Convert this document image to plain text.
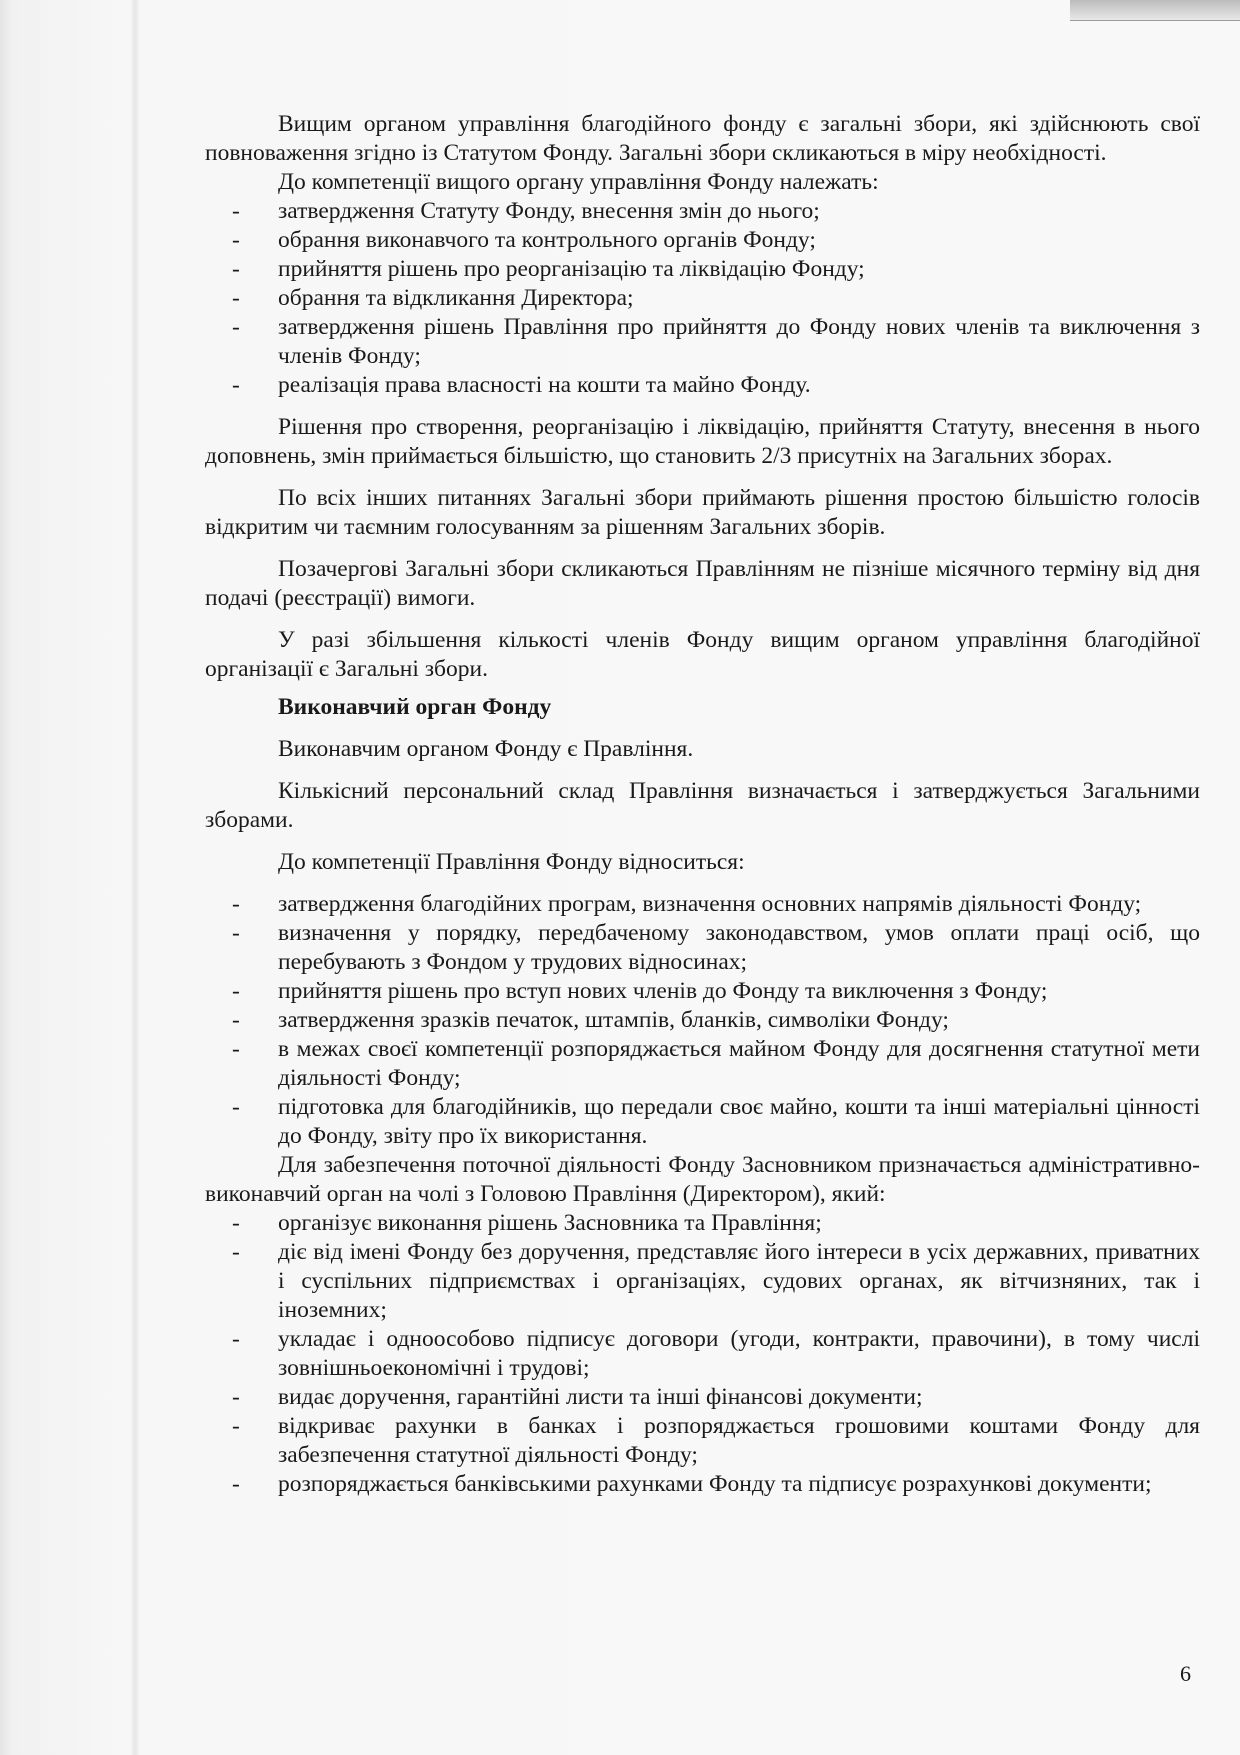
Вищим органом управління благодійного фонду є загальні збори, які здійснюють свої повноваження згідно із Статутом Фонду. Загальні збори скликаються в міру необхідності.

До компетенції вищого органу управління Фонду належать:

- затвердження Статуту Фонду, внесення змін до нього;
- обрання виконавчого та контрольного органів Фонду;
- прийняття рішень про реорганізацію та ліквідацію Фонду;
- обрання та відкликання Директора;
- затвердження рішень Правління про прийняття до Фонду нових членів та виключення з членів Фонду;
- реалізація права власності на кошти та майно Фонду.

Рішення про створення, реорганізацію і ліквідацію, прийняття Статуту, внесення в нього доповнень, змін приймається більшістю, що становить 2/3 присутніх на Загальних зборах.

По всіх інших питаннях Загальні збори приймають рішення простою більшістю голосів відкритим чи таємним голосуванням за рішенням Загальних зборів.

Позачергові Загальні збори скликаються Правлінням не пізніше місячного терміну від дня подачі (реєстрації) вимоги.

У разі збільшення кількості членів Фонду вищим органом управління благодійної організації є Загальні збори.

Виконавчий орган Фонду

Виконавчим органом Фонду є Правління.

Кількісний персональний склад Правління визначається і затверджується Загальними зборами.

До компетенції Правління Фонду відноситься:

- затвердження благодійних програм, визначення основних напрямів діяльності Фонду;
- визначення у порядку, передбаченому законодавством, умов оплати праці осіб, що перебувають з Фондом у трудових відносинах;
- прийняття рішень про вступ нових членів до Фонду та виключення з Фонду;
- затвердження зразків печаток, штампів, бланків, символіки Фонду;
- в межах своєї компетенції розпоряджається майном Фонду для досягнення статутної мети діяльності Фонду;
- підготовка для благодійників, що передали своє майно, кошти та інші матеріальні цінності до Фонду, звіту про їх використання.

Для забезпечення поточної діяльності Фонду Засновником призначається адміністративно-виконавчий орган на чолі з Головою Правління (Директором), який:

- організує виконання рішень Засновника та Правління;
- діє від імені Фонду без доручення, представляє його інтереси в усіх державних, приватних і суспільних підприємствах і організаціях, судових органах, як вітчизняних, так і іноземних;
- укладає і одноособово підписує договори (угоди, контракти, правочини), в тому числі зовнішньоекономічні і трудові;
- видає доручення, гарантійні листи та інші фінансові документи;
- відкриває рахунки в банках і розпоряджається грошовими коштами Фонду для забезпечення статутної діяльності Фонду;
- розпоряджається банківськими рахунками Фонду та підписує розрахункові документи;
6
